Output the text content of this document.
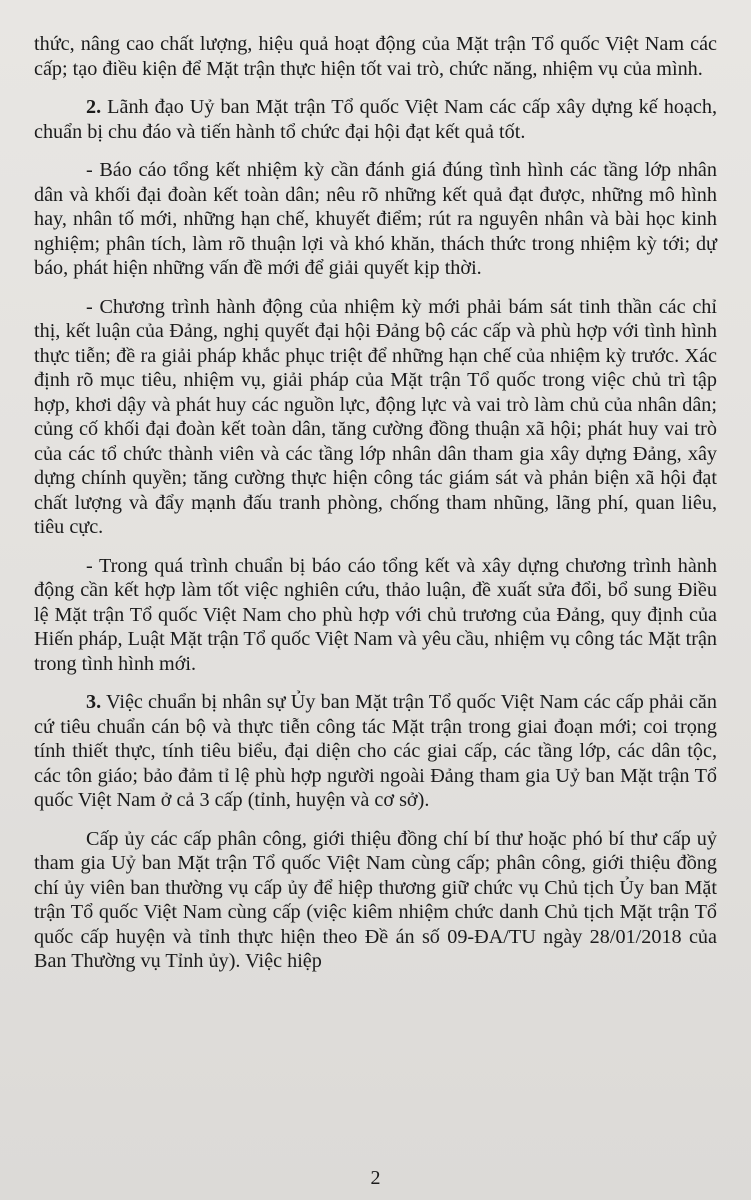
thức, nâng cao chất lượng, hiệu quả hoạt động của Mặt trận Tổ quốc Việt Nam các cấp; tạo điều kiện để Mặt trận thực hiện tốt vai trò, chức năng, nhiệm vụ của mình.

2. Lãnh đạo Uỷ ban Mặt trận Tổ quốc Việt Nam các cấp xây dựng kế hoạch, chuẩn bị chu đáo và tiến hành tổ chức đại hội đạt kết quả tốt.

- Báo cáo tổng kết nhiệm kỳ cần đánh giá đúng tình hình các tầng lớp nhân dân và khối đại đoàn kết toàn dân; nêu rõ những kết quả đạt được, những mô hình hay, nhân tố mới, những hạn chế, khuyết điểm; rút ra nguyên nhân và bài học kinh nghiệm; phân tích, làm rõ thuận lợi và khó khăn, thách thức trong nhiệm kỳ tới; dự báo, phát hiện những vấn đề mới để giải quyết kịp thời.

- Chương trình hành động của nhiệm kỳ mới phải bám sát tinh thần các chỉ thị, kết luận của Đảng, nghị quyết đại hội Đảng bộ các cấp và phù hợp với tình hình thực tiễn; đề ra giải pháp khắc phục triệt để những hạn chế của nhiệm kỳ trước. Xác định rõ mục tiêu, nhiệm vụ, giải pháp của Mặt trận Tổ quốc trong việc chủ trì tập hợp, khơi dậy và phát huy các nguồn lực, động lực và vai trò làm chủ của nhân dân; củng cố khối đại đoàn kết toàn dân, tăng cường đồng thuận xã hội; phát huy vai trò của các tổ chức thành viên và các tầng lớp nhân dân tham gia xây dựng Đảng, xây dựng chính quyền; tăng cường thực hiện công tác giám sát và phản biện xã hội đạt chất lượng và đẩy mạnh đấu tranh phòng, chống tham nhũng, lãng phí, quan liêu, tiêu cực.

- Trong quá trình chuẩn bị báo cáo tổng kết và xây dựng chương trình hành động cần kết hợp làm tốt việc nghiên cứu, thảo luận, đề xuất sửa đổi, bổ sung Điều lệ Mặt trận Tổ quốc Việt Nam cho phù hợp với chủ trương của Đảng, quy định của Hiến pháp, Luật Mặt trận Tổ quốc Việt Nam và yêu cầu, nhiệm vụ công tác Mặt trận trong tình hình mới.

3. Việc chuẩn bị nhân sự Ủy ban Mặt trận Tổ quốc Việt Nam các cấp phải căn cứ tiêu chuẩn cán bộ và thực tiễn công tác Mặt trận trong giai đoạn mới; coi trọng tính thiết thực, tính tiêu biểu, đại diện cho các giai cấp, các tầng lớp, các dân tộc, các tôn giáo; bảo đảm tỉ lệ phù hợp người ngoài Đảng tham gia Uỷ ban Mặt trận Tổ quốc Việt Nam ở cả 3 cấp (tỉnh, huyện và cơ sở).

Cấp ủy các cấp phân công, giới thiệu đồng chí bí thư hoặc phó bí thư cấp uỷ tham gia Uỷ ban Mặt trận Tổ quốc Việt Nam cùng cấp; phân công, giới thiệu đồng chí ủy viên ban thường vụ cấp ủy để hiệp thương giữ chức vụ Chủ tịch Ủy ban Mặt trận Tổ quốc Việt Nam cùng cấp (việc kiêm nhiệm chức danh Chủ tịch Mặt trận Tổ quốc cấp huyện và tỉnh thực hiện theo Đề án số 09-ĐA/TU ngày 28/01/2018 của Ban Thường vụ Tỉnh ủy). Việc hiệp

2
